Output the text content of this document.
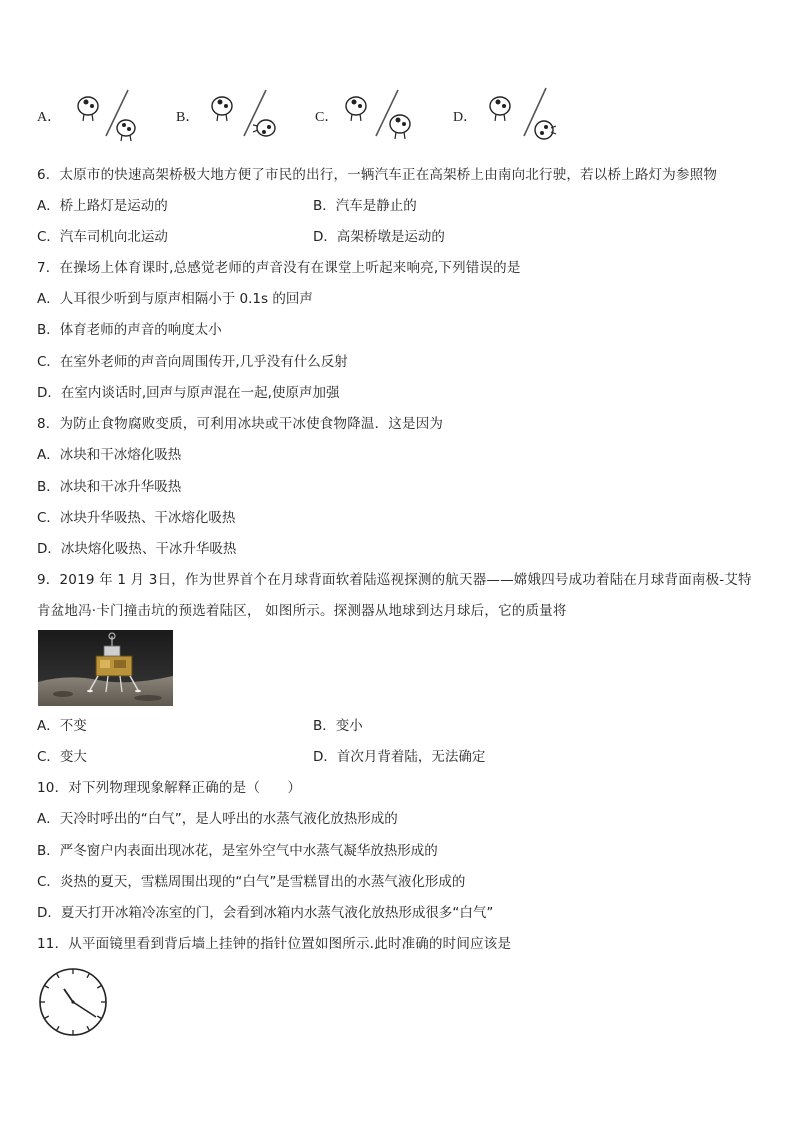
A．	B．	C．	D．
6．太原市的快速高架桥极大地方便了市民的出行，一辆汽车正在高架桥上由南向北行驶，若以桥上路灯为参照物
A．桥上路灯是运动的	B．汽车是静止的
C．汽车司机向北运动	D．高架桥墩是运动的
7．在操场上体育课时,总感觉老师的声音没有在课堂上听起来响亮,下列错误的是
A．人耳很少听到与原声相隔小于 0.1s 的回声
B．体育老师的声音的响度太小
C．在室外老师的声音向周围传开,几乎没有什么反射
D．在室内谈话时,回声与原声混在一起,使原声加强
8．为防止食物腐败变质，可利用冰块或干冰使食物降温．这是因为
A．冰块和干冰熔化吸热
B．冰块和干冰升华吸热
C．冰块升华吸热、干冰熔化吸热
D．冰块熔化吸热、干冰升华吸热
9．2019 年 1 月 3日，作为世界首个在月球背面软着陆巡视探测的航天器——嫦娥四号成功着陆在月球背面南极-艾特
肯盆地冯·卡门撞击坑的预选着陆区， 如图所示。探测器从地球到达月球后，它的质量将
A．不变	B．变小
C．变大	D．首次月背着陆，无法确定
10．对下列物理现象解释正确的是（　　）
A．天冷时呼出的“白气”，是人呼出的水蒸气液化放热形成的
B．严冬窗户内表面出现冰花，是室外空气中水蒸气凝华放热形成的
C．炎热的夏天，雪糕周围出现的“白气”是雪糕冒出的水蒸气液化形成的
D．夏天打开冰箱冷冻室的门，会看到冰箱内水蒸气液化放热形成很多“白气”
11．从平面镜里看到背后墙上挂钟的指针位置如图所示.此时准确的时间应该是
